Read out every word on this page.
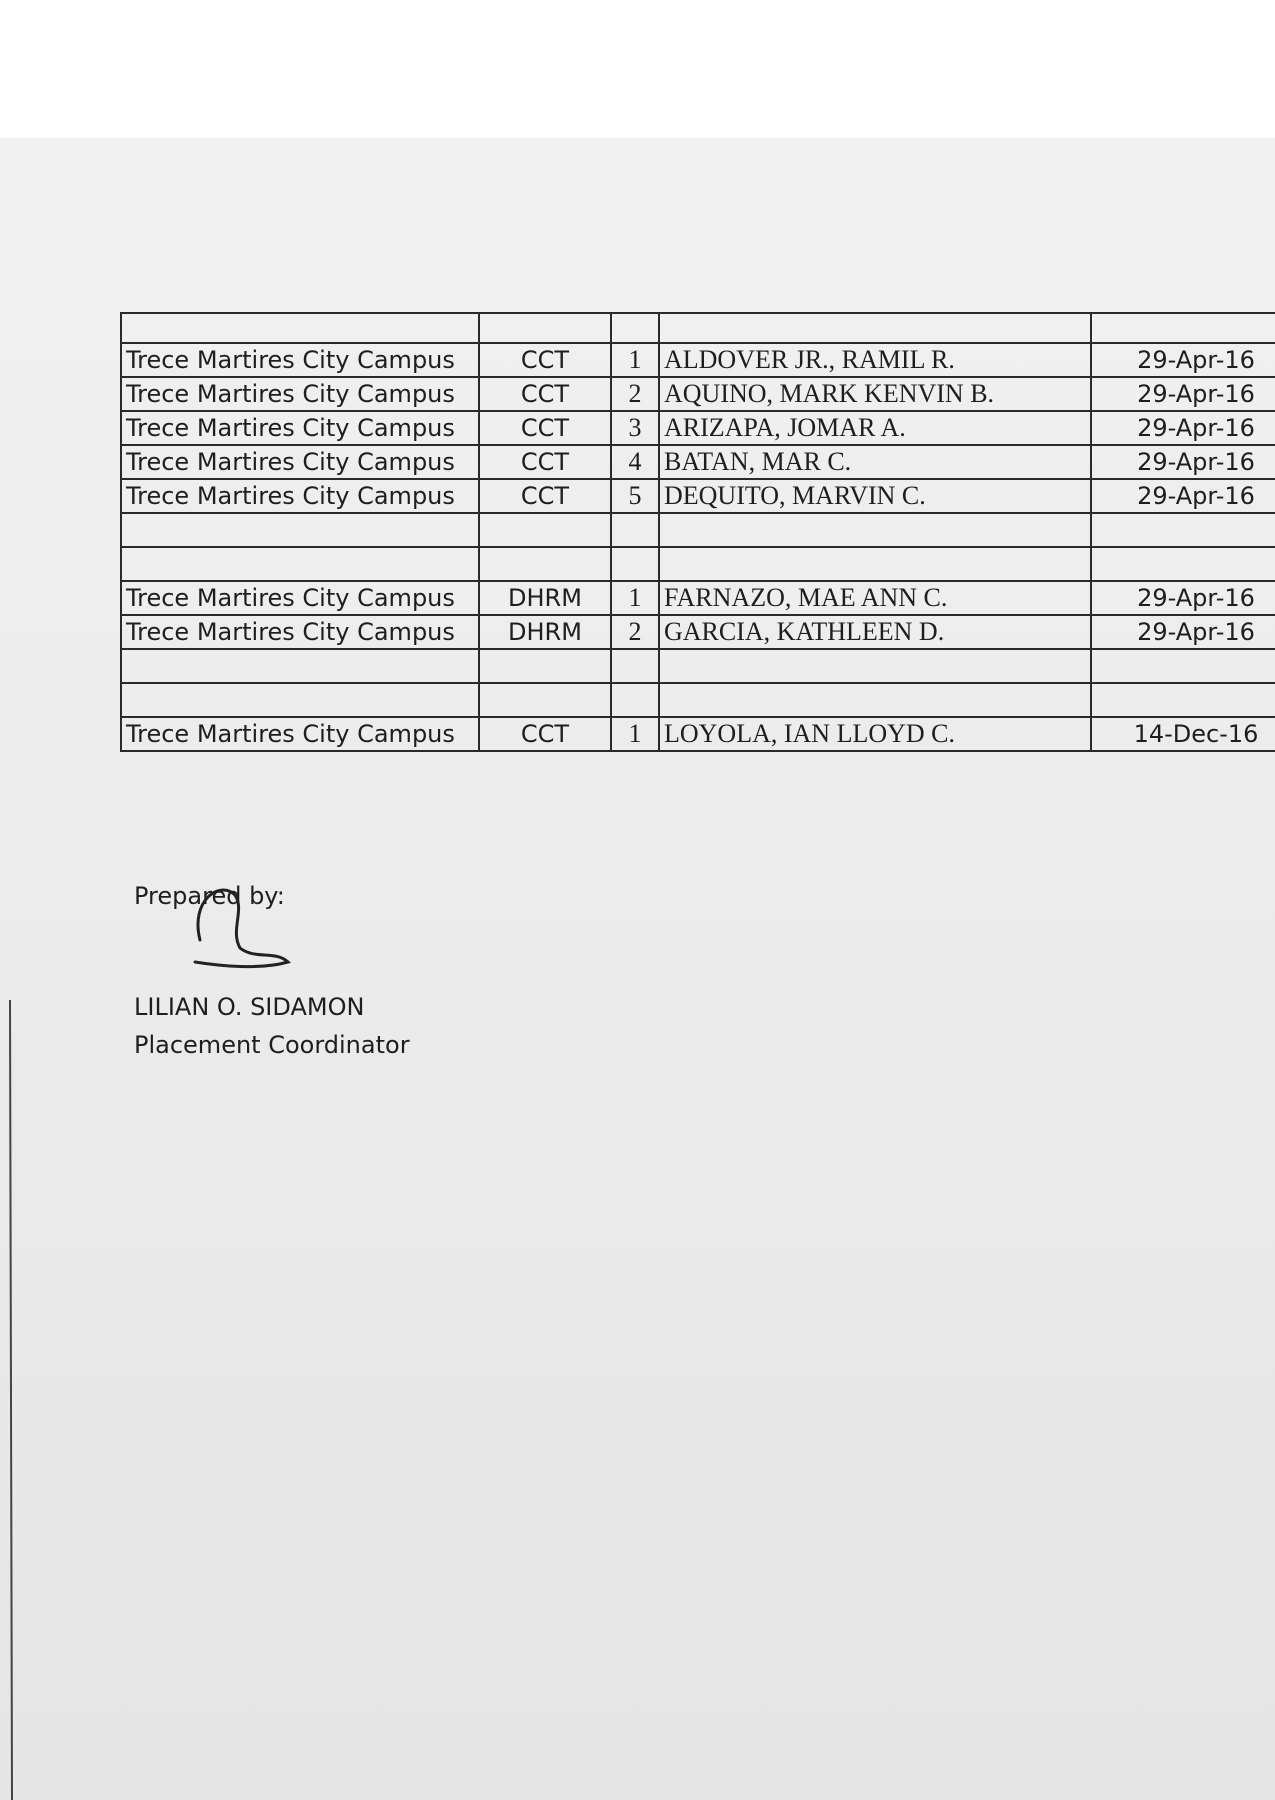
Trece Martires City Campus	CCT	1	ALDOVER JR., RAMIL R.	29-Apr-16
Trece Martires City Campus	CCT	2	AQUINO, MARK KENVIN B.	29-Apr-16
Trece Martires City Campus	CCT	3	ARIZAPA, JOMAR A.	29-Apr-16
Trece Martires City Campus	CCT	4	BATAN, MAR C.	29-Apr-16
Trece Martires City Campus	CCT	5	DEQUITO, MARVIN C.	29-Apr-16

Trece Martires City Campus	DHRM	1	FARNAZO, MAE ANN C.	29-Apr-16
Trece Martires City Campus	DHRM	2	GARCIA, KATHLEEN D.	29-Apr-16

Trece Martires City Campus	CCT	1	LOYOLA, IAN LLOYD C.	14-Dec-16
Prepared by:
LILIAN O. SIDAMON
Placement Coordinator
